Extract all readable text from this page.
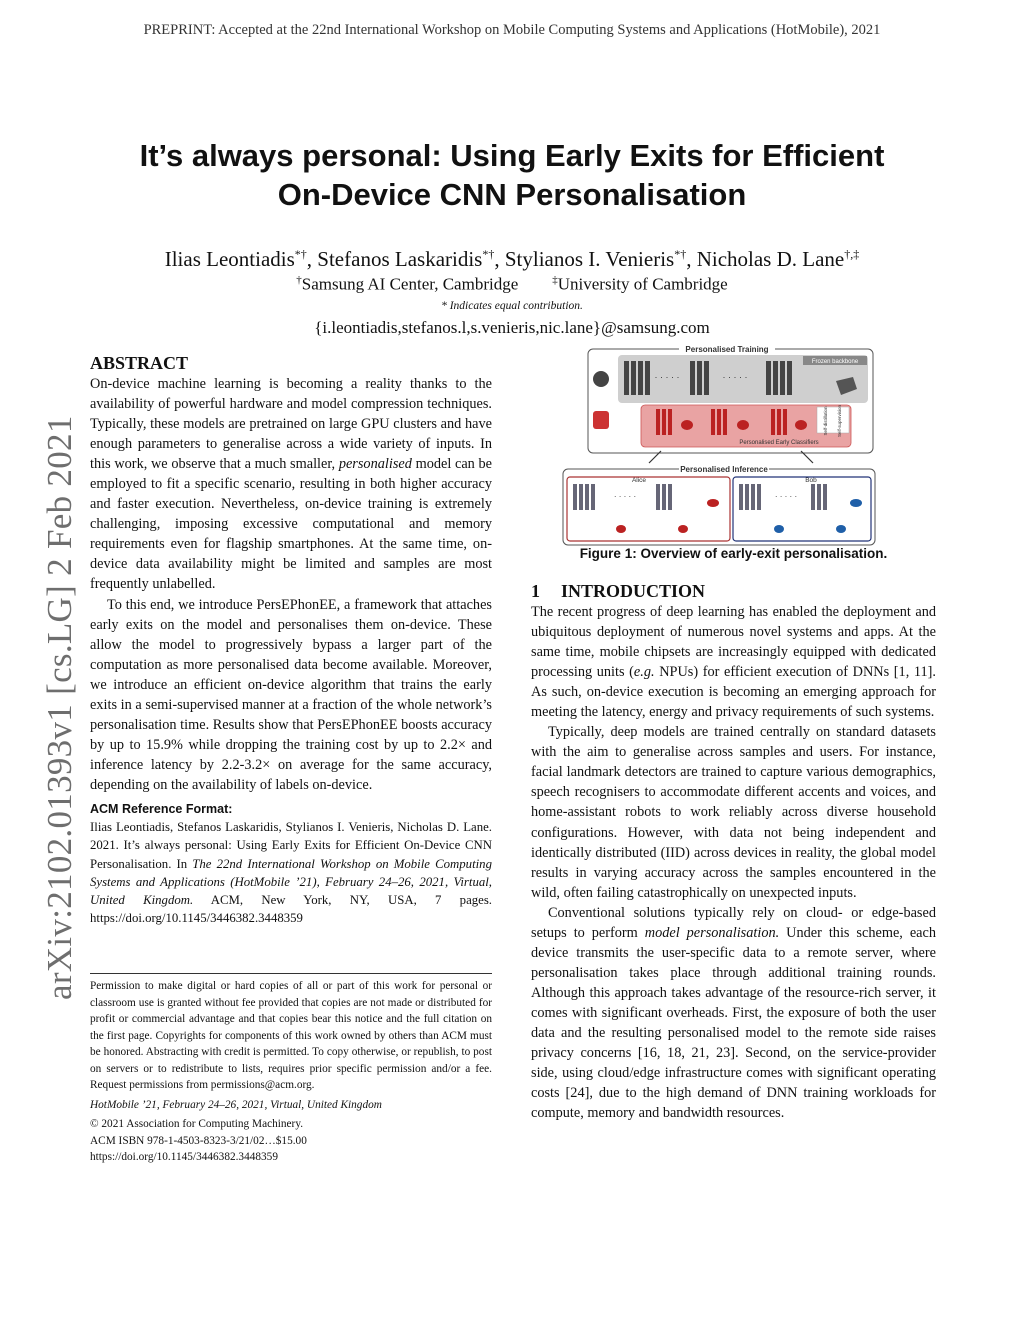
PREPRINT: Accepted at the 22nd International Workshop on Mobile Computing Systems and Applications (HotMobile), 2021
arXiv:2102.01393v1 [cs.LG] 2 Feb 2021
It’s always personal: Using Early Exits for Efficient
On-Device CNN Personalisation
Ilias Leontiadis*†, Stefanos Laskaridis*†, Stylianos I. Venieris*†, Nicholas D. Lane†,‡
†Samsung AI Center, Cambridge	‡University of Cambridge
* Indicates equal contribution.
{i.leontiadis,stefanos.l,s.venieris,nic.lane}@samsung.com
ABSTRACT

On-device machine learning is becoming a reality thanks to the availability of powerful hardware and model compression techniques. Typically, these models are pretrained on large GPU clusters and have enough parameters to generalise across a wide variety of inputs. In this work, we observe that a much smaller, personalised model can be employed to fit a specific scenario, resulting in both higher accuracy and faster execution. Nevertheless, on-device training is extremely challenging, imposing excessive computational and memory requirements even for flagship smartphones. At the same time, on-device data availability might be limited and samples are most frequently unlabelled.

To this end, we introduce PersEPhonEE, a framework that attaches early exits on the model and personalises them on-device. These allow the model to progressively bypass a larger part of the computation as more personalised data become available. Moreover, we introduce an efficient on-device algorithm that trains the early exits in a semi-supervised manner at a fraction of the whole network’s personalisation time. Results show that PersEPhonEE boosts accuracy by up to 15.9% while dropping the training cost by up to 2.2× and inference latency by 2.2-3.2× on average for the same accuracy, depending on the availability of labels on-device.

ACM Reference Format:

Ilias Leontiadis, Stefanos Laskaridis, Stylianos I. Venieris, Nicholas D. Lane. 2021. It’s always personal: Using Early Exits for Efficient On-Device CNN Personalisation. In The 22nd International Workshop on Mobile Computing Systems and Applications (HotMobile ’21), February 24–26, 2021, Virtual, United Kingdom. ACM, New York, NY, USA, 7 pages. https://doi.org/10.1145/3446382.3448359

Permission to make digital or hard copies of all or part of this work for personal or classroom use is granted without fee provided that copies are not made or distributed for profit or commercial advantage and that copies bear this notice and the full citation on the first page. Copyrights for components of this work owned by others than ACM must be honored. Abstracting with credit is permitted. To copy otherwise, or republish, to post on servers or to redistribute to lists, requires prior specific permission and/or a fee. Request permissions from permissions@acm.org.

HotMobile ’21, February 24–26, 2021, Virtual, United Kingdom
© 2021 Association for Computing Machinery.
ACM ISBN 978-1-4503-8323-3/21/02…$15.00
https://doi.org/10.1145/3446382.3448359
Personalised Training
Frozen backbone
· · · · ·	· · · · ·
Personalised Early Classifiers
Self-distillation Self-supervision
Personalised Inference
Alice	Bob
· · · · ·	· · · · ·
Figure 1: Overview of early-exit personalisation.
1 INTRODUCTION

The recent progress of deep learning has enabled the deployment and ubiquitous deployment of numerous novel systems and apps. At the same time, mobile chipsets are increasingly equipped with dedicated processing units (e.g. NPUs) for efficient execution of DNNs [1, 11]. As such, on-device execution is becoming an emerging approach for meeting the latency, energy and privacy requirements of such systems.

Typically, deep models are trained centrally on standard datasets with the aim to generalise across samples and users. For instance, facial landmark detectors are trained to capture various demographics, speech recognisers to accommodate different accents and voices, and home-assistant robots to work reliably across diverse household configurations. However, with data not being independent and identically distributed (IID) across devices in reality, the global model results in varying accuracy across the samples encountered in the wild, often failing catastrophically on unexpected inputs.

Conventional solutions typically rely on cloud- or edge-based setups to perform model personalisation. Under this scheme, each device transmits the user-specific data to a remote server, where personalisation takes place through additional training rounds. Although this approach takes advantage of the resource-rich server, it comes with significant overheads. First, the exposure of both the user data and the resulting personalised model to the remote side raises privacy concerns [16, 18, 21, 23]. Second, on the service-provider side, using cloud/edge infrastructure comes with significant operating costs [24], due to the high demand of DNN training workloads for compute, memory and bandwidth resources.
